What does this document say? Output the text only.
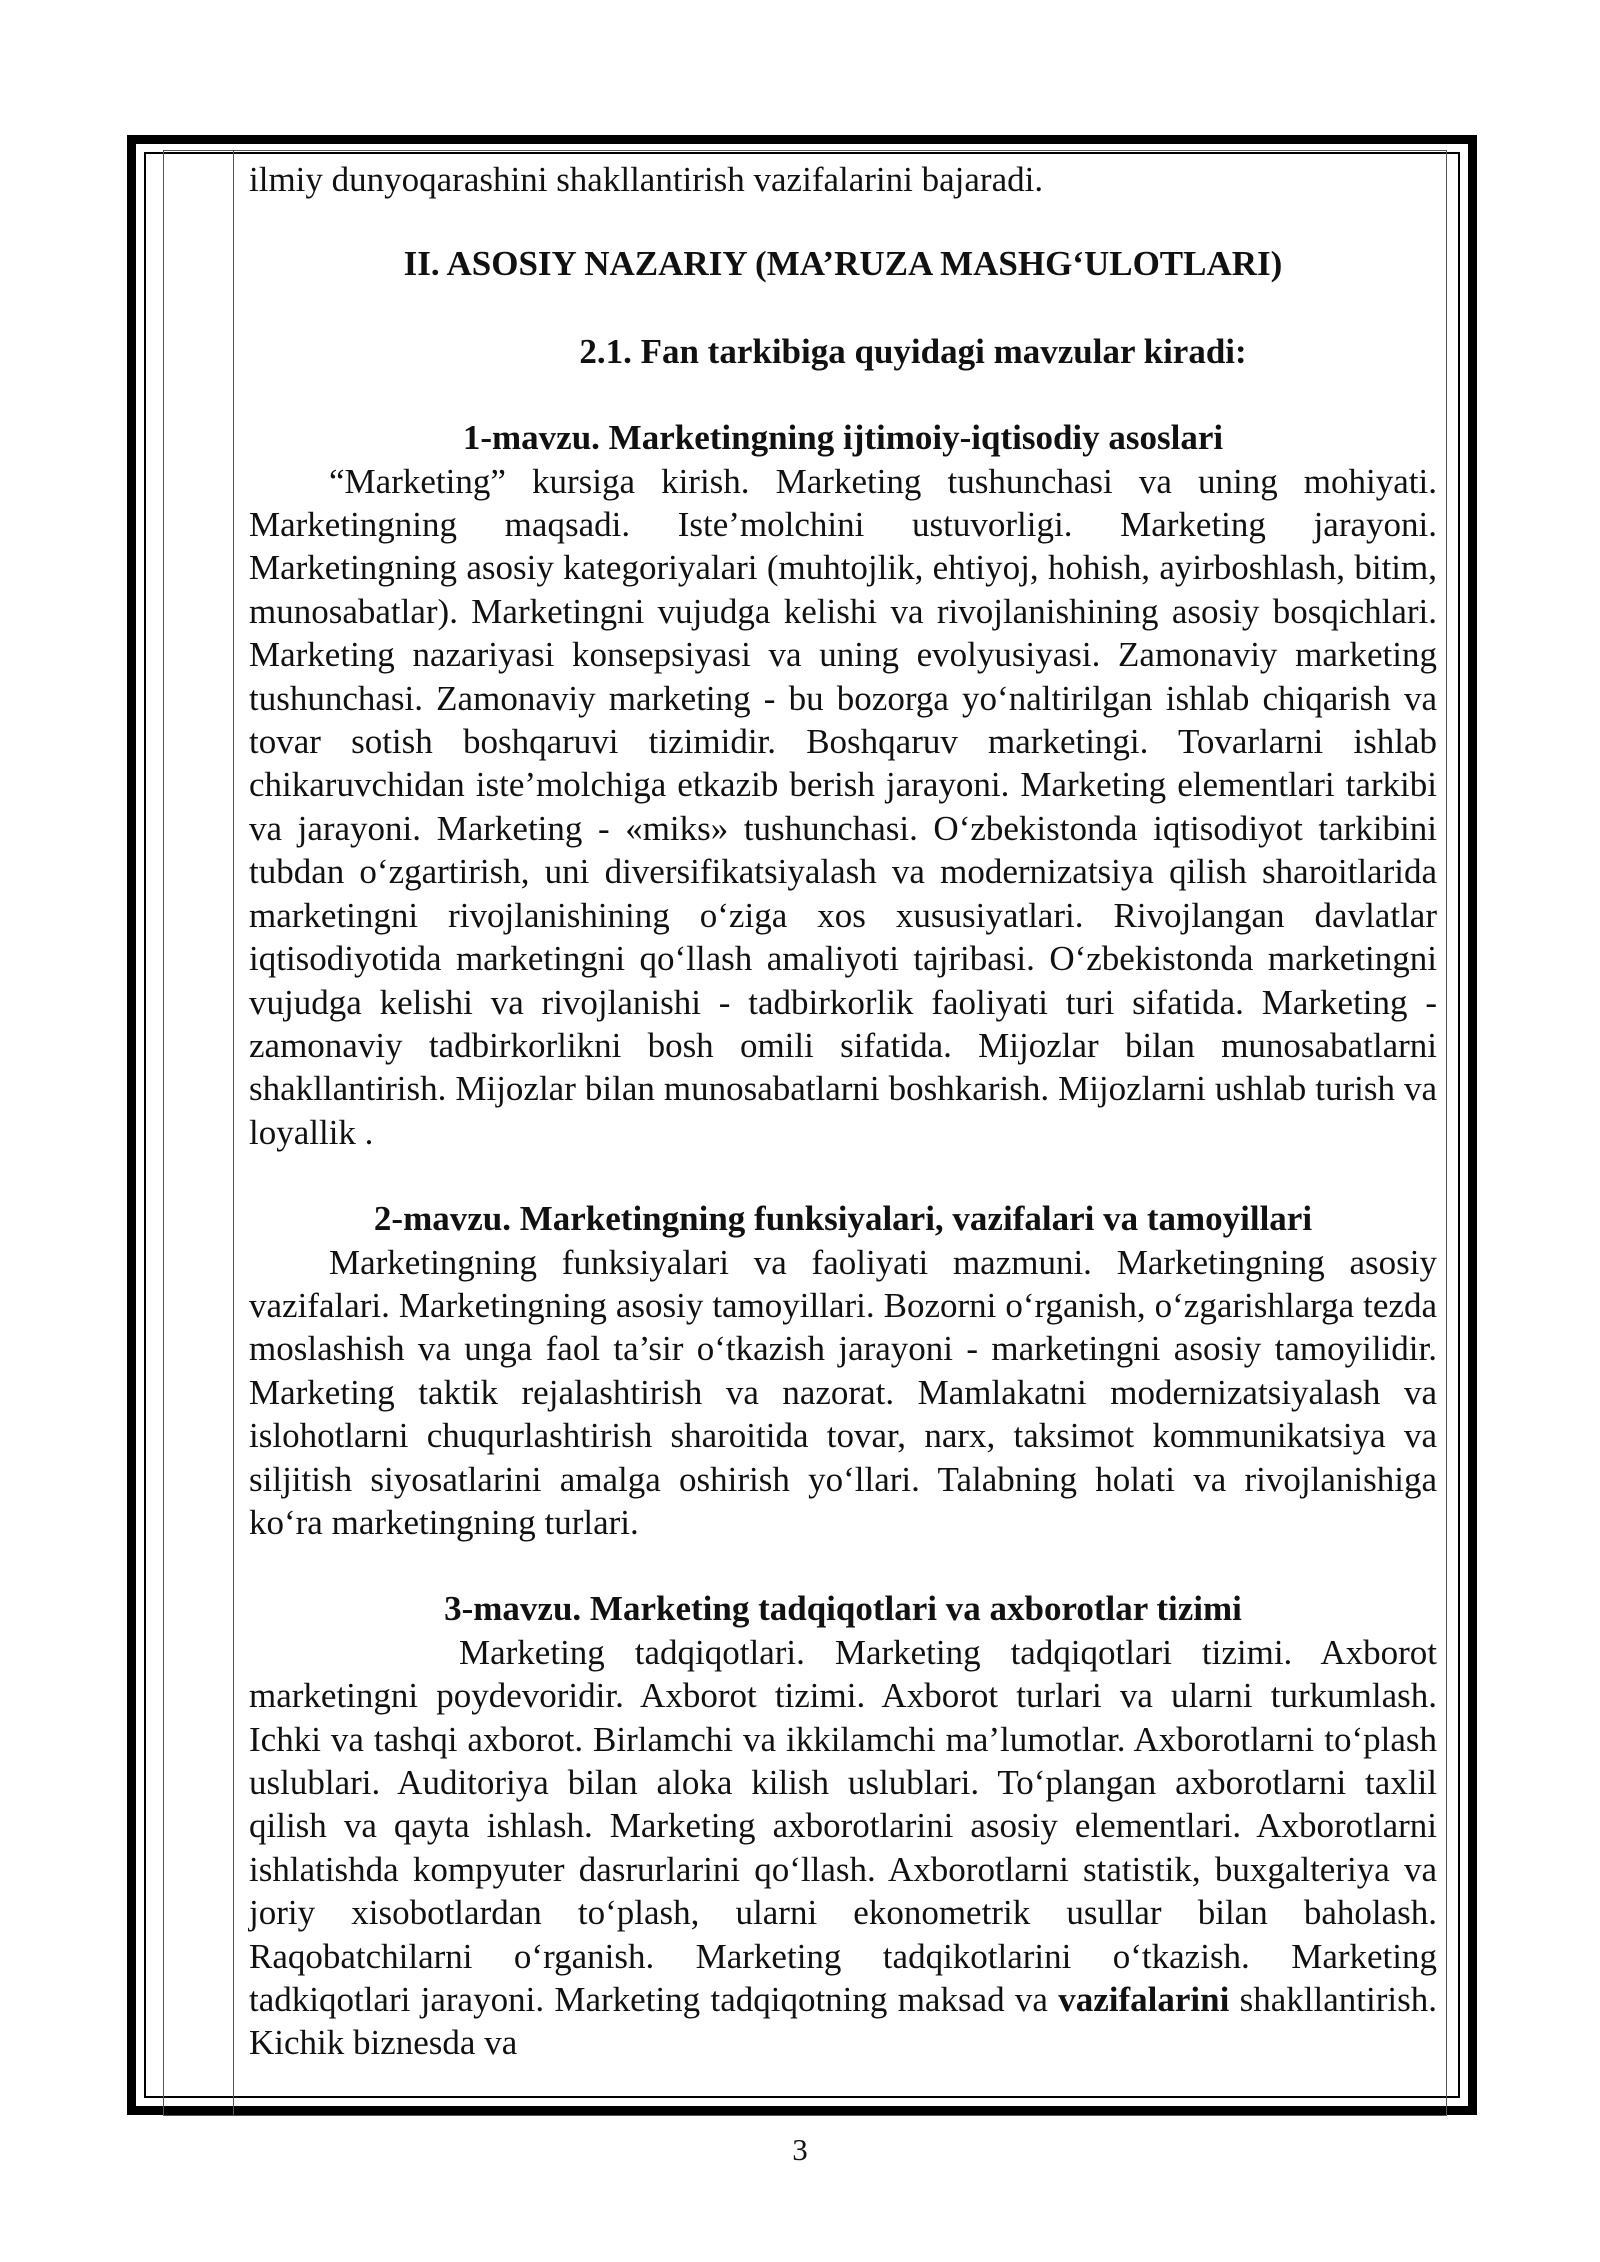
ilmiy dunyoqarashini shakllantirish vazifalarini bajaradi.

II. ASOSIY NAZARIY (MA’RUZA MASHG‘ULOTLARI)

2.1. Fan tarkibiga quyidagi mavzular kiradi:

1-mavzu. Marketingning ijtimoiy-iqtisodiy asoslari

“Marketing” kursiga kirish. Marketing tushunchasi va uning mohiyati. Marketingning maqsadi. Iste’molchini ustuvorligi. Marketing jarayoni. Marketingning asosiy kategoriyalari (muhtojlik, ehtiyoj, hohish, ayirboshlash, bitim, munosabatlar). Marketingni vujudga kelishi va rivojlanishining asosiy bosqichlari. Marketing nazariyasi konsepsiyasi va uning evolyusiyasi. Zamonaviy marketing tushunchasi. Zamonaviy marketing - bu bozorga yo‘naltirilgan ishlab chiqarish va tovar sotish boshqaruvi tizimidir. Boshqaruv marketingi. Tovarlarni ishlab chikaruvchidan iste’molchiga etkazib berish jarayoni. Marketing elementlari tarkibi va jarayoni. Marketing - «miks» tushunchasi. O‘zbekistonda iqtisodiyot tarkibini tubdan o‘zgartirish, uni diversifikatsiyalash va modernizatsiya qilish sharoitlarida marketingni rivojlanishining o‘ziga xos xususiyatlari. Rivojlangan davlatlar iqtisodiyotida marketingni qo‘llash amaliyoti tajribasi. O‘zbekistonda marketingni vujudga kelishi va rivojlanishi - tadbirkorlik faoliyati turi sifatida. Marketing - zamonaviy tadbirkorlikni bosh omili sifatida. Mijozlar bilan munosabatlarni shakllantirish. Mijozlar bilan munosabatlarni boshkarish. Mijozlarni ushlab turish va loyallik .

2-mavzu. Marketingning funksiyalari, vazifalari va tamoyillari

Marketingning funksiyalari va faoliyati mazmuni. Marketingning asosiy vazifalari. Marketingning asosiy tamoyillari. Bozorni o‘rganish, o‘zgarishlarga tezda moslashish va unga faol ta’sir o‘tkazish jarayoni - marketingni asosiy tamoyilidir. Marketing taktik rejalashtirish va nazorat. Mamlakatni modernizatsiyalash va islohotlarni chuqurlashtirish sharoitida tovar, narx, taksimot kommunikatsiya va siljitish siyosatlarini amalga oshirish yo‘llari. Talabning holati va rivojlanishiga ko‘ra marketingning turlari.

3-mavzu. Marketing tadqiqotlari va axborotlar tizimi

Marketing tadqiqotlari. Marketing tadqiqotlari tizimi. Axborot marketingni poydevoridir. Axborot tizimi. Axborot turlari va ularni turkumlash. Ichki va tashqi axborot. Birlamchi va ikkilamchi ma’lumotlar. Axborotlarni to‘plash uslublari. Auditoriya bilan aloka kilish uslublari. To‘plangan axborotlarni taxlil qilish va qayta ishlash. Marketing axborotlarini asosiy elementlari. Axborotlarni ishlatishda kompyuter dasrurlarini qo‘llash. Axborotlarni statistik, buxgalteriya va joriy xisobotlardan to‘plash, ularni ekonometrik usullar bilan baholash. Raqobatchilarni o‘rganish. Marketing tadqikotlarini o‘tkazish. Marketing tadkiqotlari jarayoni. Marketing tadqiqotning maksad va vazifalarini shakllantirish. Kichik biznesda va

3
